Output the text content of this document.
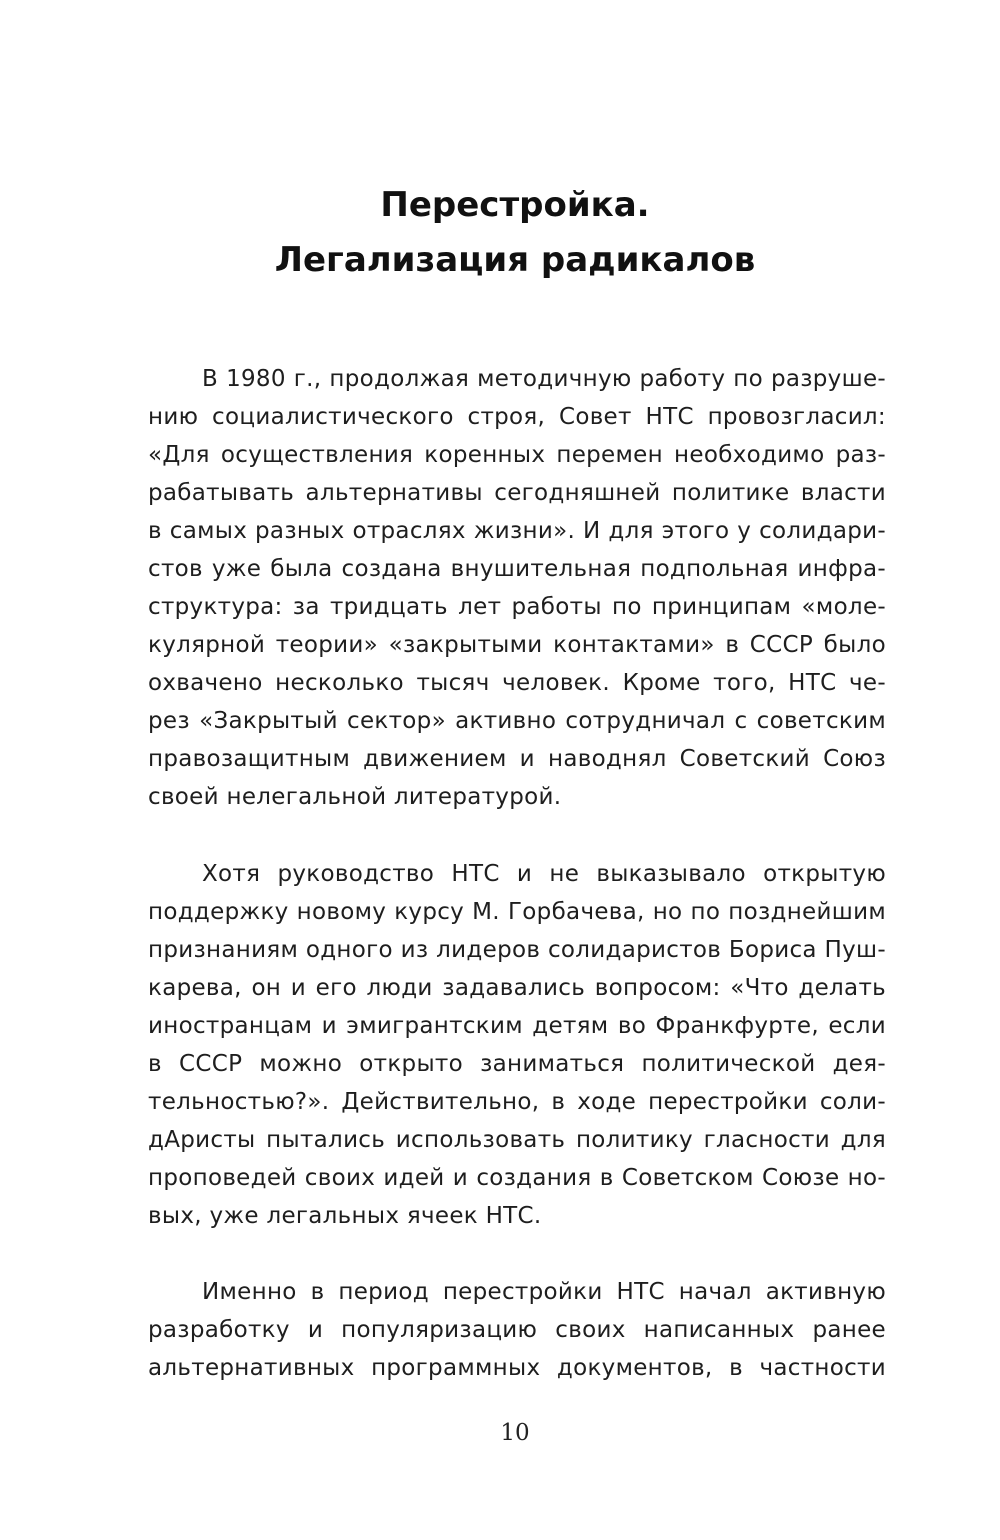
Перестройка.
Легализация радикалов

В 1980 г., продолжая методичную работу по разруше-
нию социалистического строя, Совет НТС провозгласил:
«Для осуществления коренных перемен необходимо раз-
рабатывать альтернативы сегодняшней политике власти
в самых разных отраслях жизни». И для этого у солидари-
стов уже была создана внушительная подпольная инфра-
структура: за тридцать лет работы по принципам «моле-
кулярной теории» «закрытыми контактами» в СССР было
охвачено несколько тысяч человек. Кроме того, НТС че-
рез «Закрытый сектор» активно сотрудничал с советским
правозащитным движением и наводнял Советский Союз
своей нелегальной литературой.

Хотя руководство НТС и не выказывало открытую
поддержку новому курсу М. Горбачева, но по позднейшим
признаниям одного из лидеров солидаристов Бориса Пуш-
карева, он и его люди задавались вопросом: «Что делать
иностранцам и эмигрантским детям во Франкфурте, если
в СССР можно открыто заниматься политической дея-
тельностью?». Действительно, в ходе перестройки соли-
дАристы пытались использовать политику гласности для
проповедей своих идей и создания в Советском Союзе но-
вых, уже легальных ячеек НТС.

Именно в период перестройки НТС начал активную
разработку и популяризацию своих написанных ранее
альтернативных программных документов, в частности

10
